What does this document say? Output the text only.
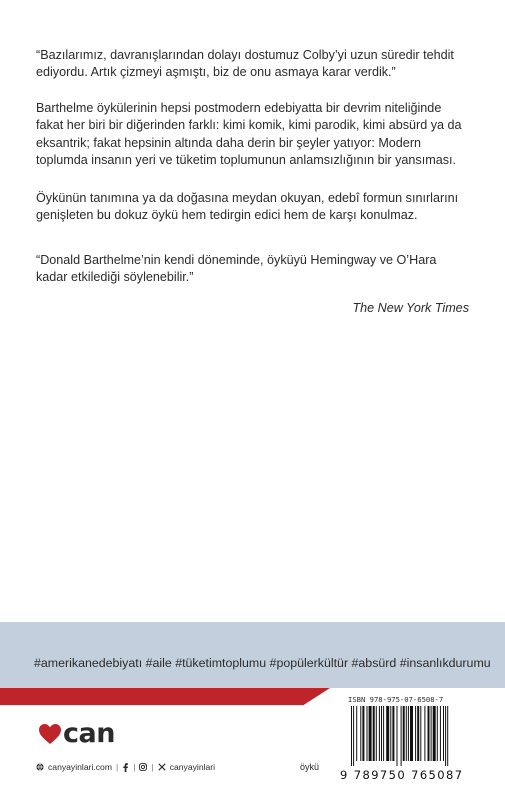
“Bazılarımız, davranışlarından dolayı dostumuz Colby’yi uzun süredir tehdit ediyordu. Artık çizmeyi aşmıştı, biz de onu asmaya karar verdik.”

Barthelme öykülerinin hepsi postmodern edebiyatta bir devrim niteliğinde fakat her biri bir diğerinden farklı: kimi komik, kimi parodik, kimi absürd ya da eksantrik; fakat hepsinin altında daha derin bir şeyler yatıyor: Modern toplumda insanın yeri ve tüketim toplumunun anlamsızlığının bir yansıması.

Öykünün tanımına ya da doğasına meydan okuyan, edebî formun sınırlarını genişleten bu dokuz öykü hem tedirgin edici hem de karşı konulmaz.

“Donald Barthelme’nin kendi döneminde, öyküyü Hemingway ve O’Hara kadar etkilediği söylenebilir.”

The New York Times

#amerikanedebiyatı #aile #tüketimtoplumu #popülerkültür #absürd #insanlıkdurumu

can
canyayinlari.com | | | canyayinlari	öykü
ISBN 978-975-07-6508-7
9 789750 765087
